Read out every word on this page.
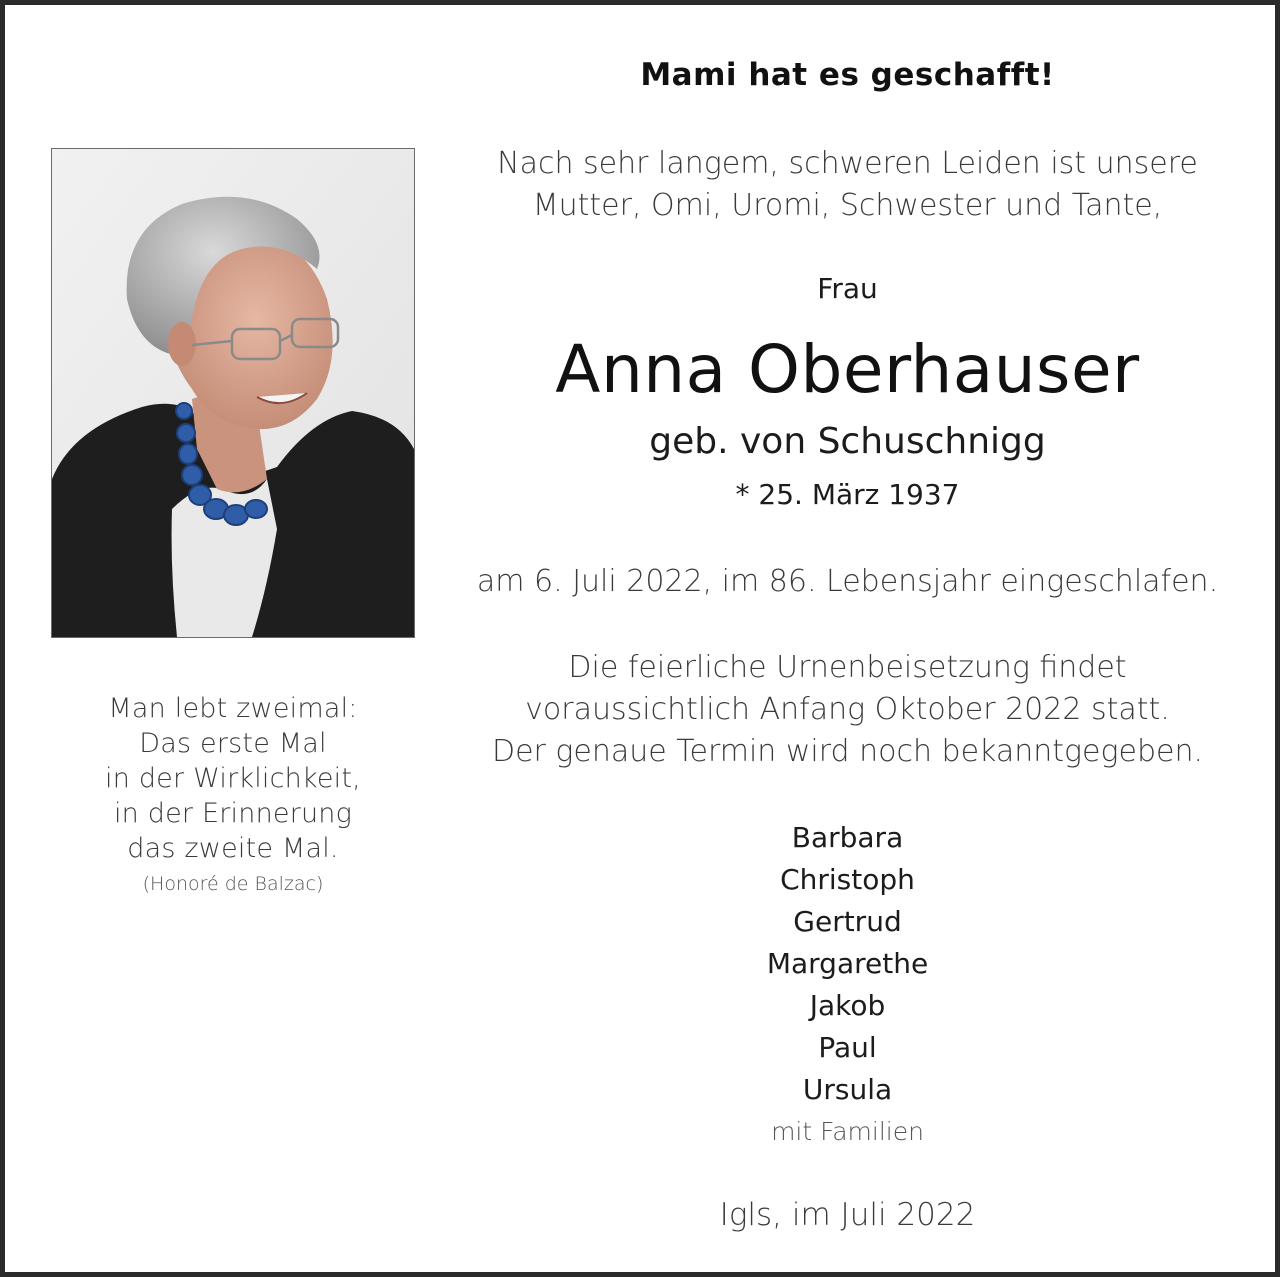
Man lebt zweimal:
Das erste Mal
in der Wirklichkeit,
in der Erinnerung
das zweite Mal.
(Honoré de Balzac)
Mami hat es geschafft!
Nach sehr langem, schweren Leiden ist unsere
Mutter, Omi, Uromi, Schwester und Tante,
Frau
Anna Oberhauser
geb. von Schuschnigg
* 25. März 1937
am 6. Juli 2022, im 86. Lebensjahr eingeschlafen.
Die feierliche Urnenbeisetzung findet
voraussichtlich Anfang Oktober 2022 statt.
Der genaue Termin wird noch bekanntgegeben.
Barbara
Christoph
Gertrud
Margarethe
Jakob
Paul
Ursula
mit Familien
Igls, im Juli 2022
